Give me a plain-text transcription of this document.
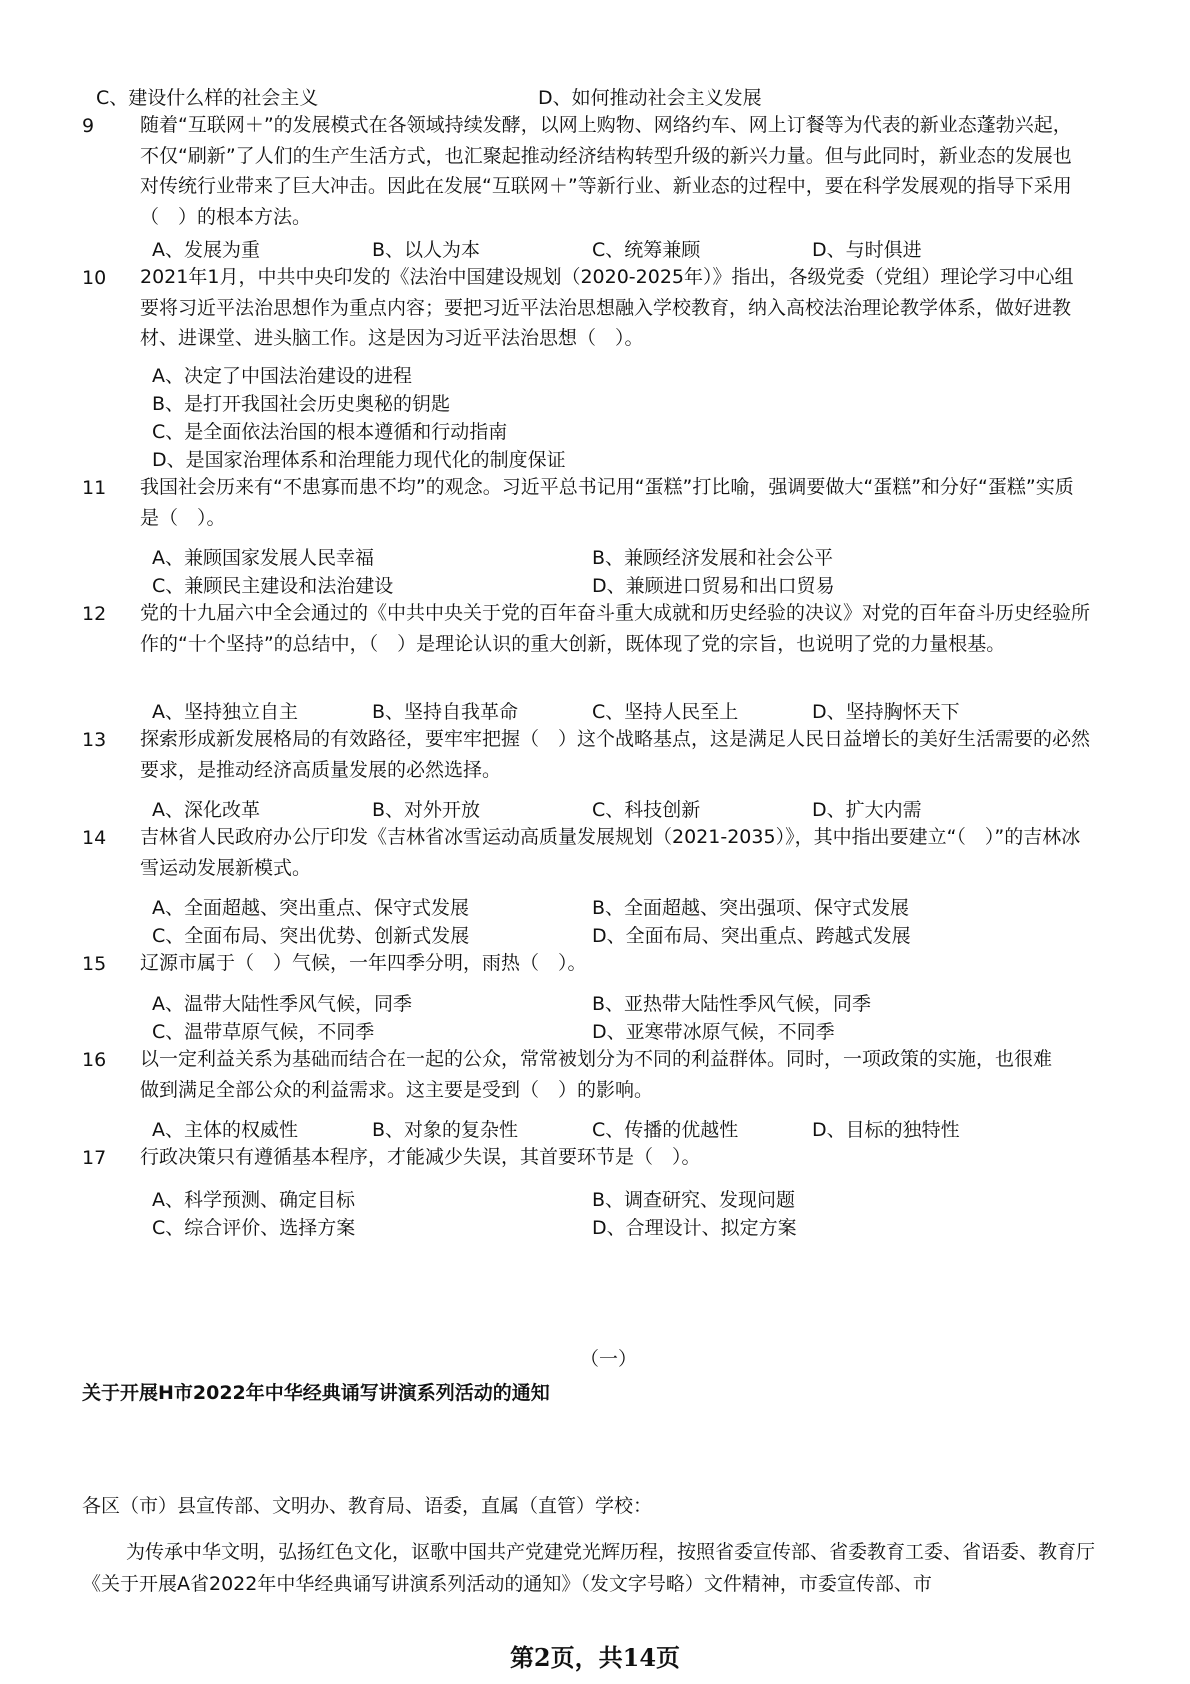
C、建设什么样的社会主义	D、如何推动社会主义发展
9 随着“互联网＋”的发展模式在各领域持续发酵，以网上购物、网络约车、网上订餐等为代表的新业态蓬勃兴起，不仅“刷新”了人们的生产生活方式，也汇聚起推动经济结构转型升级的新兴力量。但与此同时，新业态的发展也对传统行业带来了巨大冲击。因此在发展“互联网＋”等新行业、新业态的过程中，要在科学发展观的指导下采用（　）的根本方法。
A、发展为重	B、以人为本	C、统筹兼顾	D、与时俱进
10 2021年1月，中共中央印发的《法治中国建设规划（2020-2025年）》指出，各级党委（党组）理论学习中心组要将习近平法治思想作为重点内容；要把习近平法治思想融入学校教育，纳入高校法治理论教学体系，做好进教材、进课堂、进头脑工作。这是因为习近平法治思想（　）。
A、决定了中国法治建设的进程
B、是打开我国社会历史奥秘的钥匙
C、是全面依法治国的根本遵循和行动指南
D、是国家治理体系和治理能力现代化的制度保证
11 我国社会历来有“不患寡而患不均”的观念。习近平总书记用“蛋糕”打比喻，强调要做大“蛋糕”和分好“蛋糕”实质是（　）。
A、兼顾国家发展人民幸福	B、兼顾经济发展和社会公平
C、兼顾民主建设和法治建设	D、兼顾进口贸易和出口贸易
12 党的十九届六中全会通过的《中共中央关于党的百年奋斗重大成就和历史经验的决议》对党的百年奋斗历史经验所作的“十个坚持”的总结中，（　）是理论认识的重大创新，既体现了党的宗旨，也说明了党的力量根基。
A、坚持独立自主	B、坚持自我革命	C、坚持人民至上	D、坚持胸怀天下
13 探索形成新发展格局的有效路径，要牢牢把握（　）这个战略基点，这是满足人民日益增长的美好生活需要的必然要求，是推动经济高质量发展的必然选择。
A、深化改革	B、对外开放	C、科技创新	D、扩大内需
14 吉林省人民政府办公厅印发《吉林省冰雪运动高质量发展规划（2021-2035）》，其中指出要建立“（　）”的吉林冰雪运动发展新模式。
A、全面超越、突出重点、保守式发展	B、全面超越、突出强项、保守式发展
C、全面布局、突出优势、创新式发展	D、全面布局、突出重点、跨越式发展
15 辽源市属于（　）气候，一年四季分明，雨热（　）。
A、温带大陆性季风气候，同季	B、亚热带大陆性季风气候，同季
C、温带草原气候，不同季	D、亚寒带冰原气候，不同季
16 以一定利益关系为基础而结合在一起的公众，常常被划分为不同的利益群体。同时，一项政策的实施，也很难做到满足全部公众的利益需求。这主要是受到（　）的影响。
A、主体的权威性	B、对象的复杂性	C、传播的优越性	D、目标的独特性
17 行政决策只有遵循基本程序，才能减少失误，其首要环节是（　）。
A、科学预测、确定目标	B、调查研究、发现问题
C、综合评价、选择方案	D、合理设计、拟定方案
（一）
关于开展H市2022年中华经典诵写讲演系列活动的通知
各区（市）县宣传部、文明办、教育局、语委，直属（直管）学校：
为传承中华文明，弘扬红色文化，讴歌中国共产党建党光辉历程，按照省委宣传部、省委教育工委、省语委、教育厅《关于开展A省2022年中华经典诵写讲演系列活动的通知》（发文字号略）文件精神，市委宣传部、市
第2页，共14页
